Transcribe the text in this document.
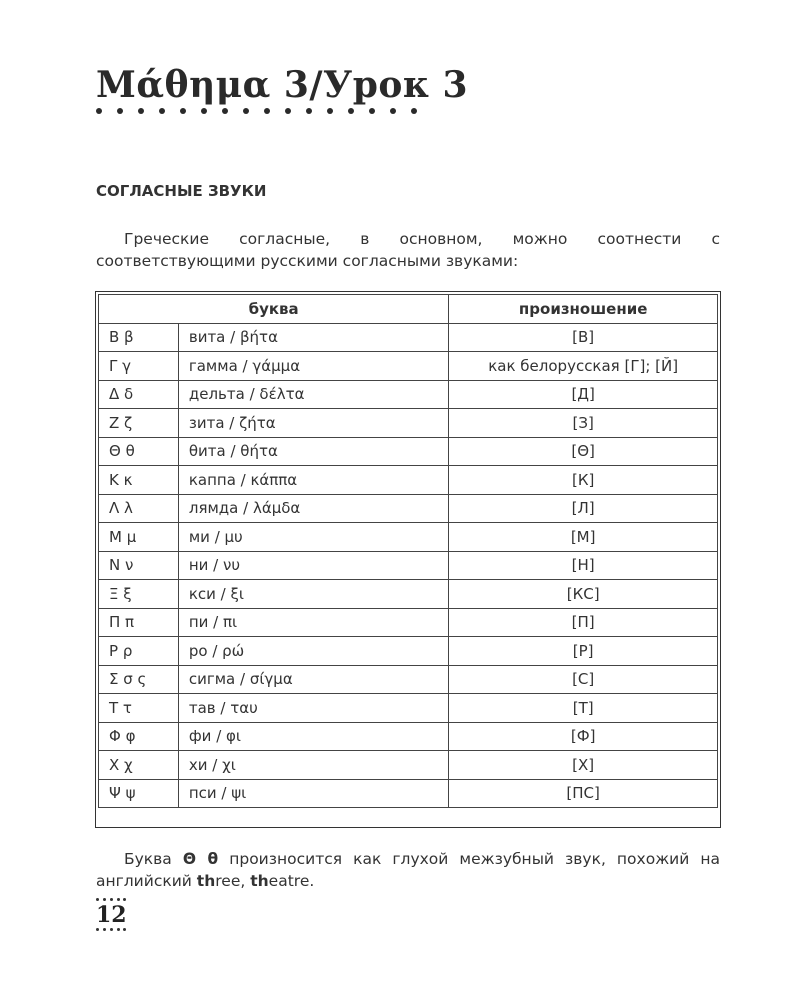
Μάθημα 3/Урок 3
СОГЛАСНЫЕ ЗВУКИ
Греческие согласные, в основном, можно соотнести с соответствующими русскими согласными звуками:
буква		произношение
Β β	вита / βήτα	[В]
Γ γ	гамма / γάμμα	как белорусская [Г]; [Й]
Δ δ	дельта / δέλτα	[Д]
Ζ ζ	зита / ζήτα	[З]
Θ θ	θита / θήτα	[Θ]
Κ κ	каппа / κάππα	[К]
Λ λ	лямда / λάμδα	[Л]
Μ μ	ми / μυ	[М]
Ν ν	ни / νυ	[Н]
Ξ ξ	кси / ξι	[КС]
Π π	пи / πι	[П]
Ρ ρ	ро / ρώ	[Р]
Σ σ ς	сигма / σίγμα	[С]
Τ τ	тав / ταυ	[Т]
Φ φ	фи / φι	[Ф]
Χ χ	хи / χι	[Х]
Ψ ψ	пси / ψι	[ПС]
Буква Θ θ произносится как глухой межзубный звук, похожий на английский three, theatre.
12
